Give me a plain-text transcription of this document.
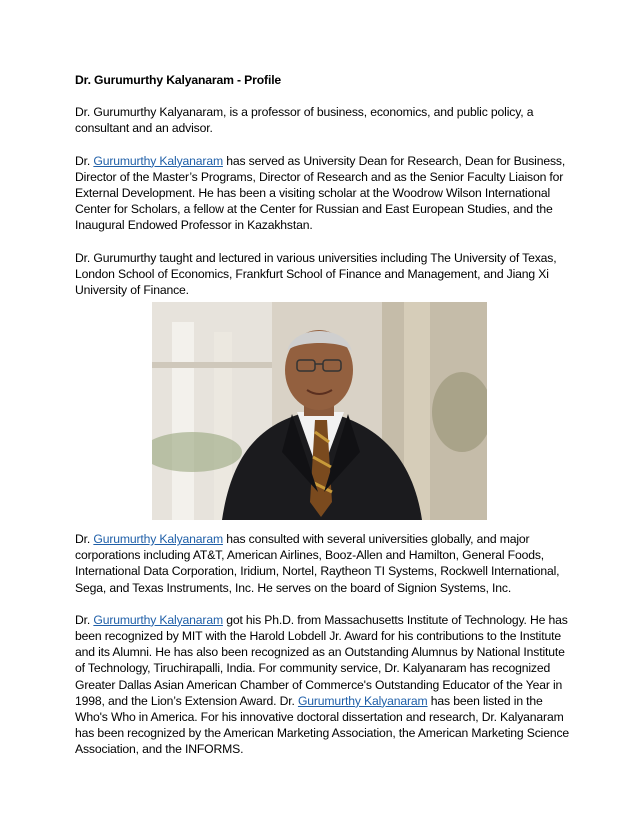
Dr. Gurumurthy Kalyanaram - Profile

Dr. Gurumurthy Kalyanaram, is a professor of business, economics, and public policy, a consultant and an advisor.

Dr. Gurumurthy Kalyanaram has served as University Dean for Research, Dean for Business, Director of the Master’s Programs, Director of Research and as the Senior Faculty Liaison for External Development. He has been a visiting scholar at the Woodrow Wilson International Center for Scholars, a fellow at the Center for Russian and East European Studies, and the Inaugural Endowed Professor in Kazakhstan.

Dr. Gurumurthy taught and lectured in various universities including The University of Texas, London School of Economics, Frankfurt School of Finance and Management, and Jiang Xi University of Finance.

Dr. Gurumurthy Kalyanaram has consulted with several universities globally, and major corporations including AT&T, American Airlines, Booz-Allen and Hamilton, General Foods, International Data Corporation, Iridium, Nortel, Raytheon TI Systems, Rockwell International, Sega, and Texas Instruments, Inc. He serves on the board of Signion Systems, Inc.

Dr. Gurumurthy Kalyanaram got his Ph.D. from Massachusetts Institute of Technology. He has been recognized by MIT with the Harold Lobdell Jr. Award for his contributions to the Institute and its Alumni. He has also been recognized as an Outstanding Alumnus by National Institute of Technology, Tiruchirapalli, India. For community service, Dr. Kalyanaram has recognized Greater Dallas Asian American Chamber of Commerce's Outstanding Educator of the Year in 1998, and the Lion’s Extension Award. Dr. Gurumurthy Kalyanaram has been listed in the Who's Who in America. For his innovative doctoral dissertation and research, Dr. Kalyanaram has been recognized by the American Marketing Association, the American Marketing Science Association, and the INFORMS.
